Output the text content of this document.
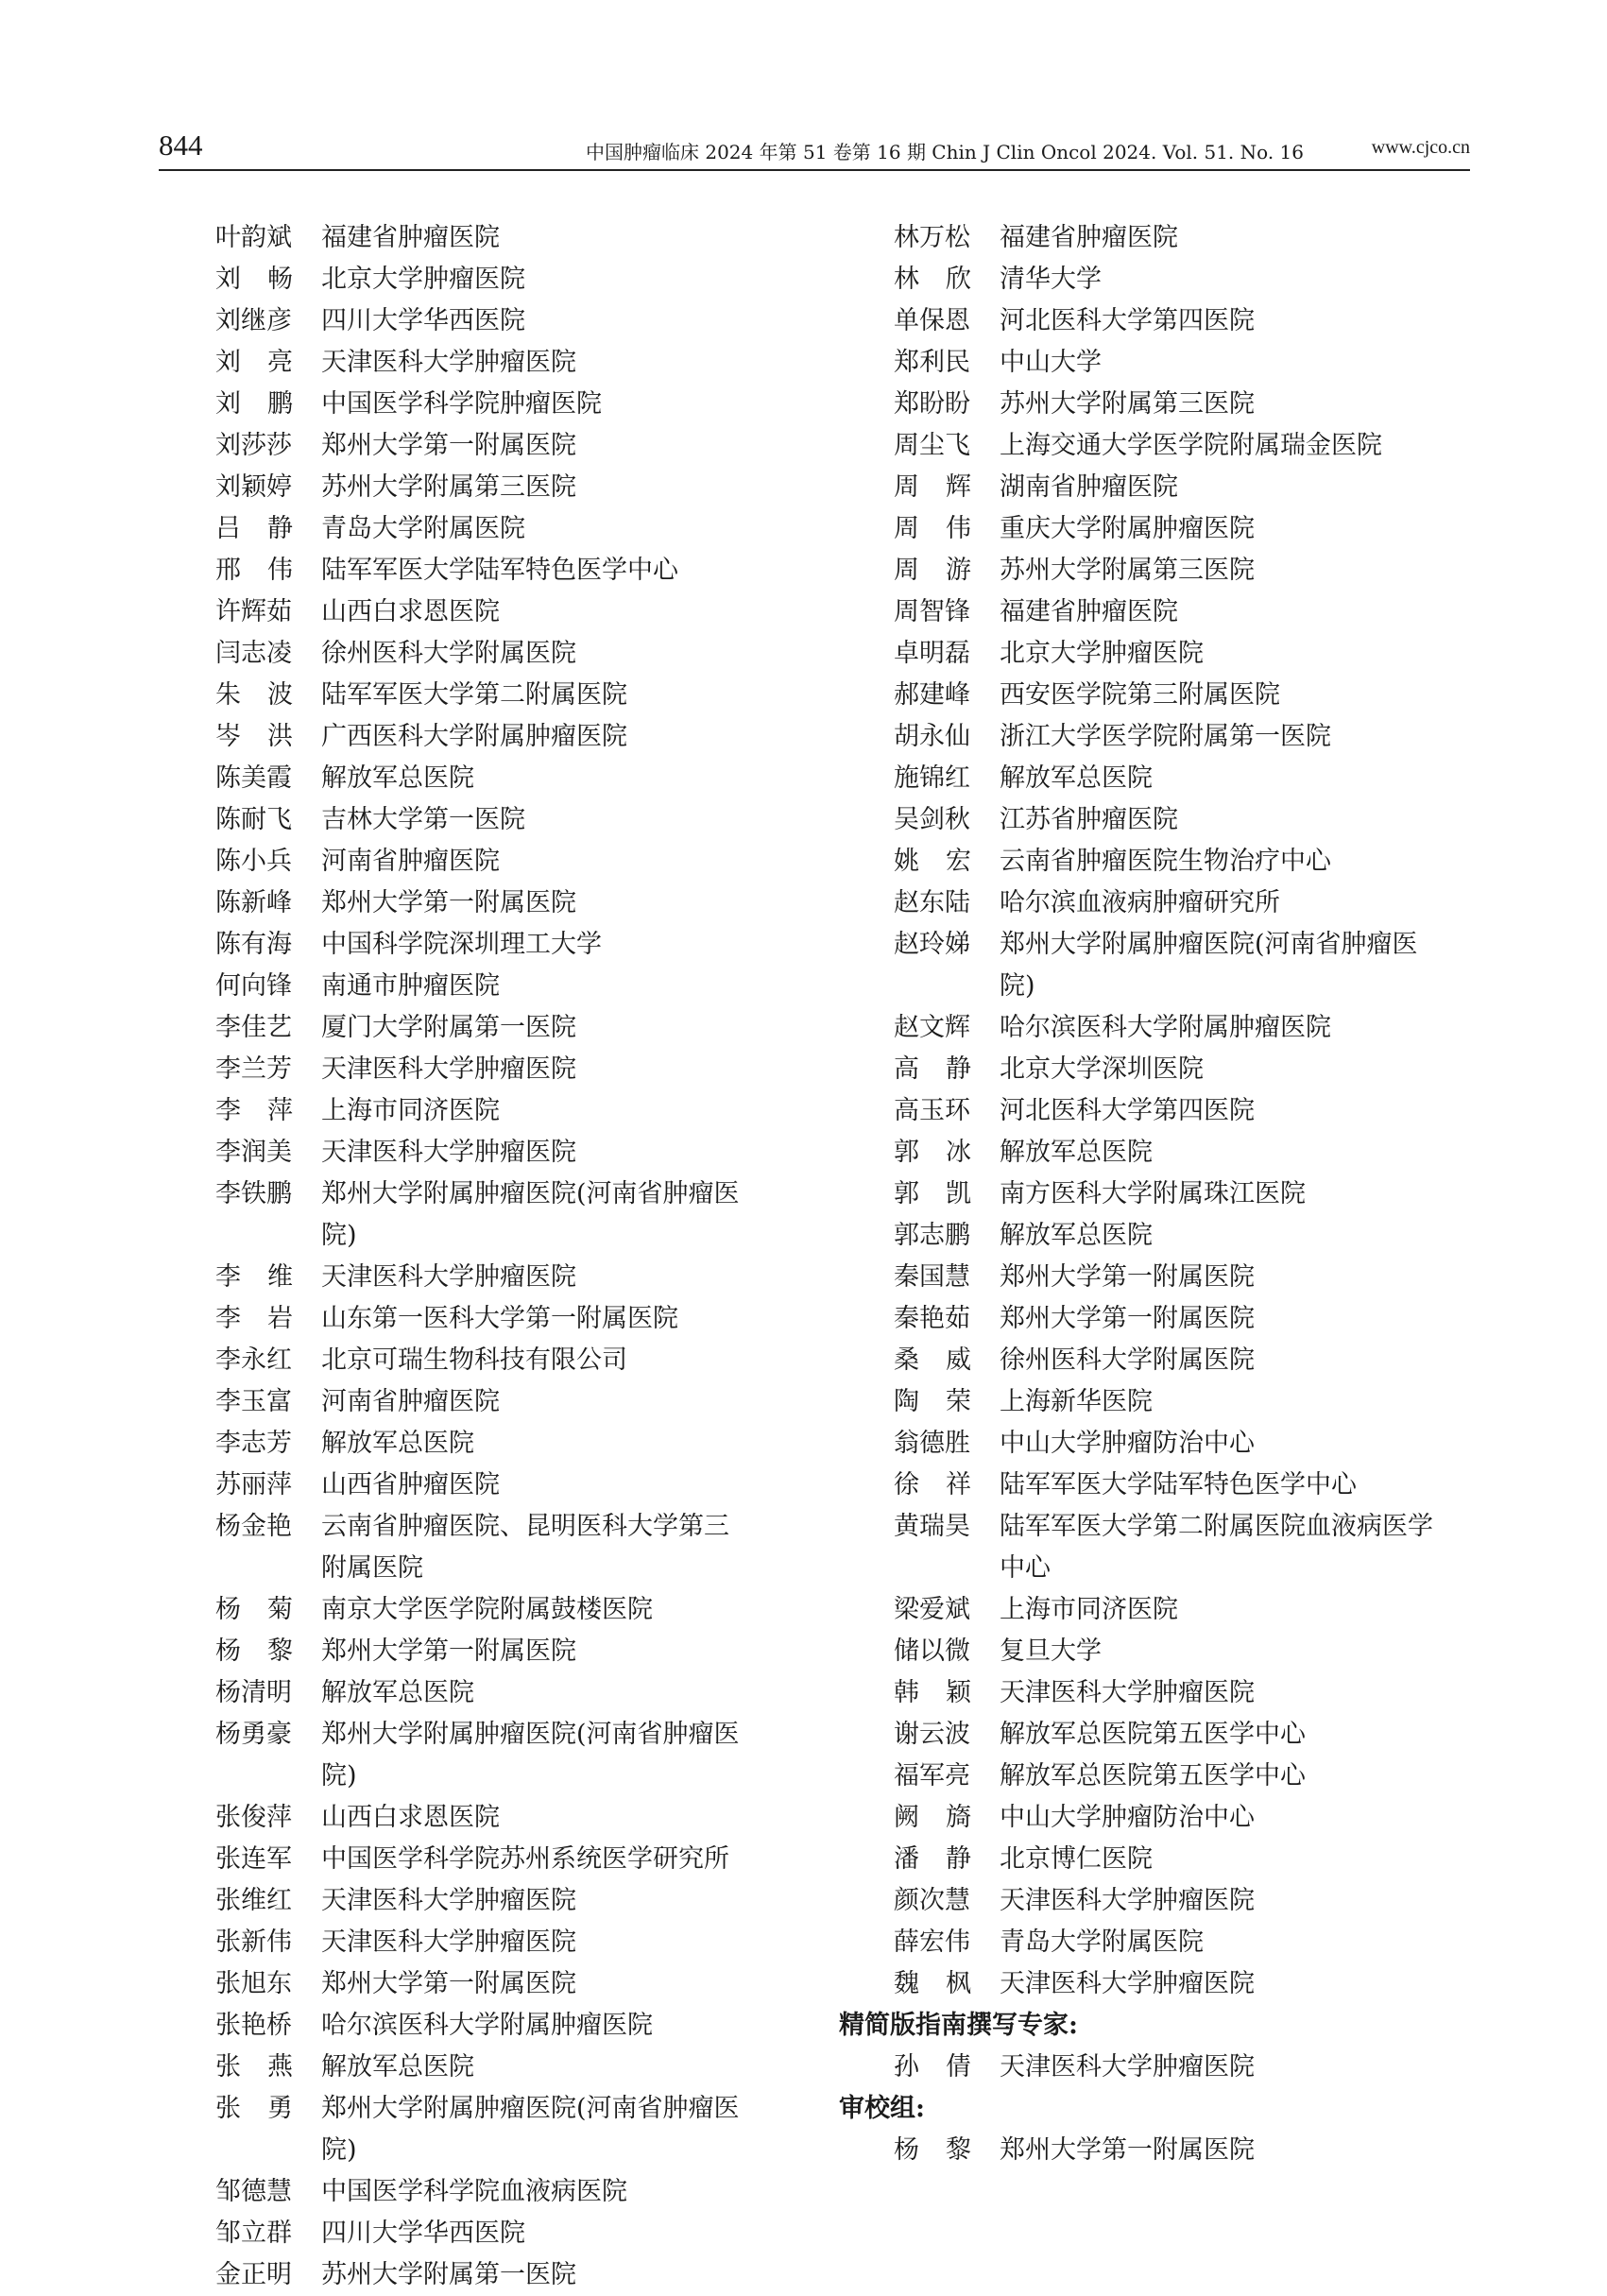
844	中国肿瘤临床 2024 年第 51 卷第 16 期 Chin J Clin Oncol 2024. Vol. 51. No. 16	www.cjco.cn
叶韵斌	福建省肿瘤医院
刘畅 北京大学肿瘤医院
刘继彦	四川大学华西医院
刘亮 天津医科大学肿瘤医院
刘鹏 中国医学科学院肿瘤医院
刘莎莎	郑州大学第一附属医院
刘颖婷	苏州大学附属第三医院
吕静 青岛大学附属医院
邢伟 陆军军医大学陆军特色医学中心
许辉茹	山西白求恩医院
闫志凌	徐州医科大学附属医院
朱波 陆军军医大学第二附属医院
岑洪 广西医科大学附属肿瘤医院
陈美霞	解放军总医院
陈耐飞	吉林大学第一医院
陈小兵	河南省肿瘤医院
陈新峰	郑州大学第一附属医院
陈有海	中国科学院深圳理工大学
何向锋	南通市肿瘤医院
李佳艺	厦门大学附属第一医院
李兰芳	天津医科大学肿瘤医院
李萍 上海市同济医院
李润美	天津医科大学肿瘤医院
李铁鹏	郑州大学附属肿瘤医院(河南省肿瘤医院)
李维 天津医科大学肿瘤医院
李岩 山东第一医科大学第一附属医院
李永红	北京可瑞生物科技有限公司
李玉富	河南省肿瘤医院
李志芳	解放军总医院
苏丽萍	山西省肿瘤医院
杨金艳	云南省肿瘤医院、昆明医科大学第三附属医院
杨菊 南京大学医学院附属鼓楼医院
杨黎 郑州大学第一附属医院
杨清明	解放军总医院
杨勇豪	郑州大学附属肿瘤医院(河南省肿瘤医院)
张俊萍	山西白求恩医院
张连军	中国医学科学院苏州系统医学研究所
张维红	天津医科大学肿瘤医院
张新伟	天津医科大学肿瘤医院
张旭东	郑州大学第一附属医院
张艳桥	哈尔滨医科大学附属肿瘤医院
张燕 解放军总医院
张勇 郑州大学附属肿瘤医院(河南省肿瘤医院)
邹德慧	中国医学科学院血液病医院
邹立群	四川大学华西医院
金正明	苏州大学附属第一医院
林万松	福建省肿瘤医院
林欣 清华大学
单保恩	河北医科大学第四医院
郑利民	中山大学
郑盼盼	苏州大学附属第三医院
周尘飞	上海交通大学医学院附属瑞金医院
周辉 湖南省肿瘤医院
周伟 重庆大学附属肿瘤医院
周游 苏州大学附属第三医院
周智锋	福建省肿瘤医院
卓明磊	北京大学肿瘤医院
郝建峰	西安医学院第三附属医院
胡永仙	浙江大学医学院附属第一医院
施锦红	解放军总医院
吴剑秋	江苏省肿瘤医院
姚宏 云南省肿瘤医院生物治疗中心
赵东陆	哈尔滨血液病肿瘤研究所
赵玲娣	郑州大学附属肿瘤医院(河南省肿瘤医院)
赵文辉	哈尔滨医科大学附属肿瘤医院
高静 北京大学深圳医院
高玉环	河北医科大学第四医院
郭冰 解放军总医院
郭凯 南方医科大学附属珠江医院
郭志鹏	解放军总医院
秦国慧	郑州大学第一附属医院
秦艳茹	郑州大学第一附属医院
桑威 徐州医科大学附属医院
陶荣 上海新华医院
翁德胜	中山大学肿瘤防治中心
徐祥 陆军军医大学陆军特色医学中心
黄瑞昊	陆军军医大学第二附属医院血液病医学中心
梁爱斌	上海市同济医院
储以微	复旦大学
韩颖 天津医科大学肿瘤医院
谢云波	解放军总医院第五医学中心
福军亮	解放军总医院第五医学中心
阙旖 中山大学肿瘤防治中心
潘静 北京博仁医院
颜次慧	天津医科大学肿瘤医院
薛宏伟	青岛大学附属医院
魏枫 天津医科大学肿瘤医院
精简版指南撰写专家:
孙倩 天津医科大学肿瘤医院
审校组:
杨黎 郑州大学第一附属医院
